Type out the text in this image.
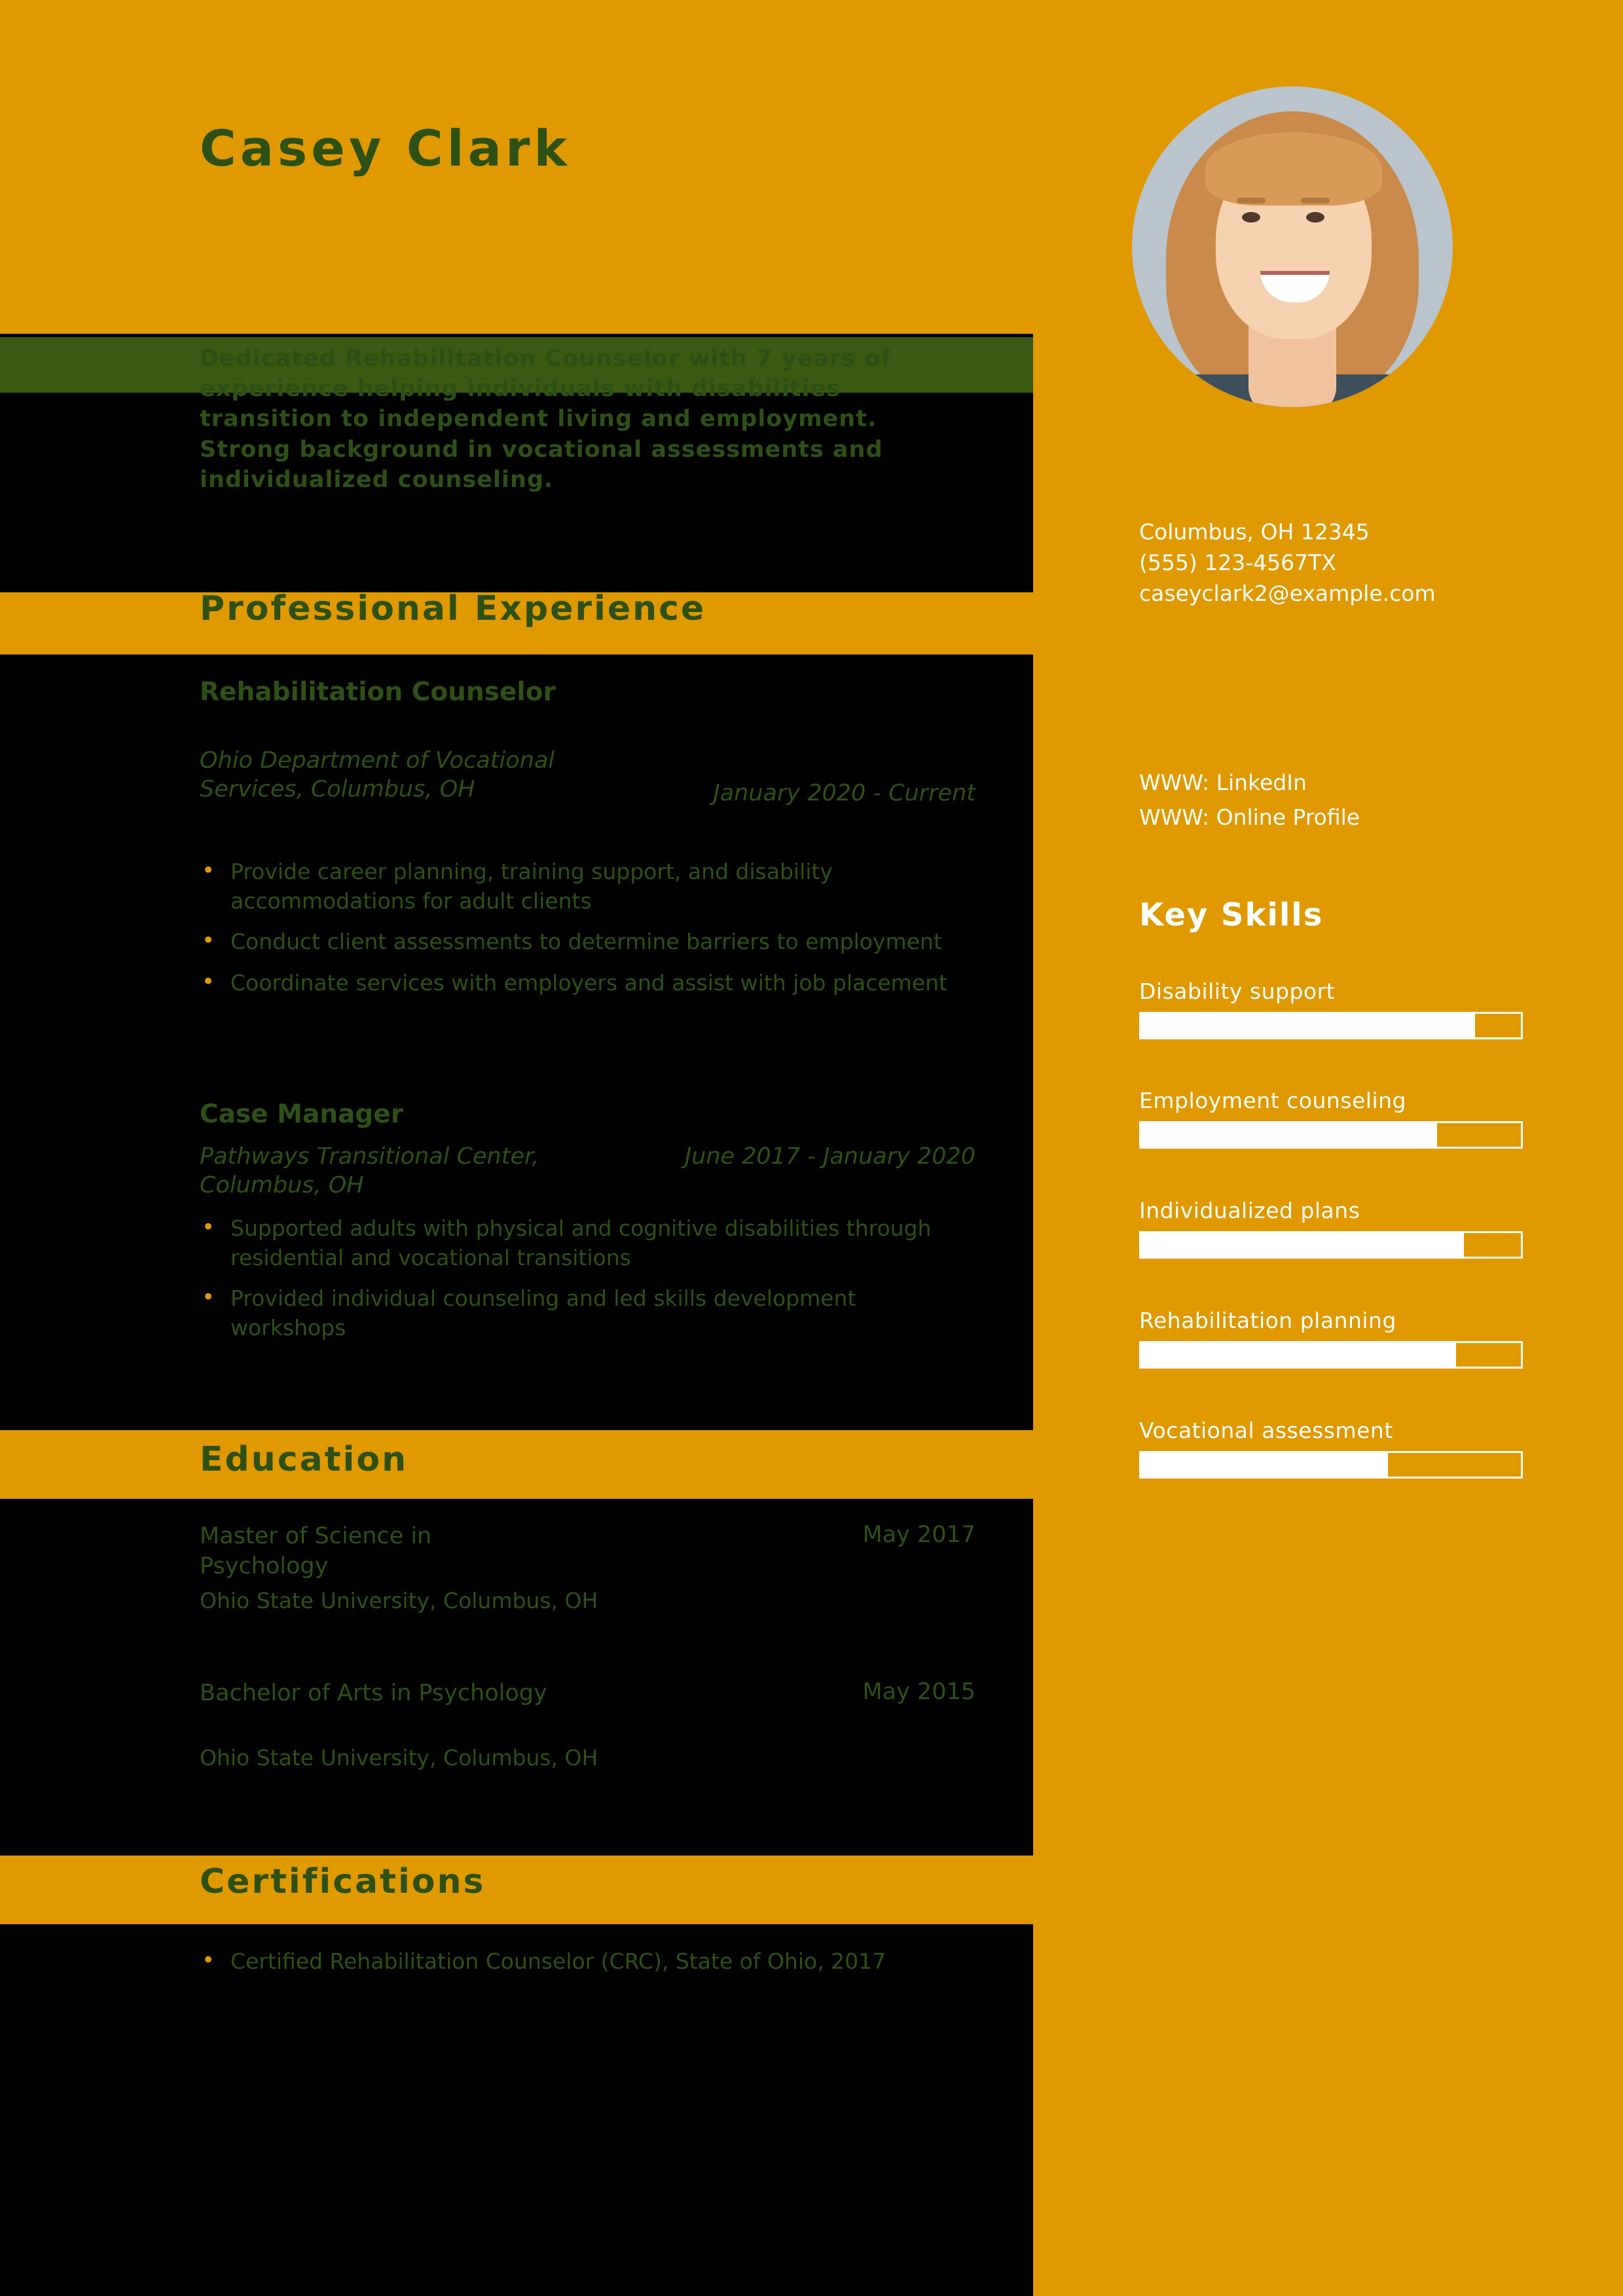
Casey Clark
Dedicated Rehabilitation Counselor with 7 years of experience helping individuals with disabilities transition to independent living and employment. Strong background in vocational assessments and individualized counseling.
Professional Experience
Rehabilitation Counselor
Ohio Department of Vocational Services, Columbus, OH	January 2020 - Current
• Provide career planning, training support, and disability accommodations for adult clients
• Conduct client assessments to determine barriers to employment
• Coordinate services with employers and assist with job placement
Case Manager
Pathways Transitional Center, Columbus, OH
June 2017 - January 2020
• Supported adults with physical and cognitive disabilities through residential and vocational transitions
• Provided individual counseling and led skills development workshops
Education
Master of Science in Psychology
Ohio State University, Columbus, OH
May 2017
Bachelor of Arts in Psychology
Ohio State University, Columbus, OH
May 2015
Certifications
• Certified Rehabilitation Counselor (CRC), State of Ohio, 2017
Columbus, OH 12345
(555) 123-4567TX
caseyclark2@example.com
WWW: LinkedIn
WWW: Online Profile
Key Skills
Disability support
Employment counseling
Individualized plans
Rehabilitation planning
Vocational assessment
